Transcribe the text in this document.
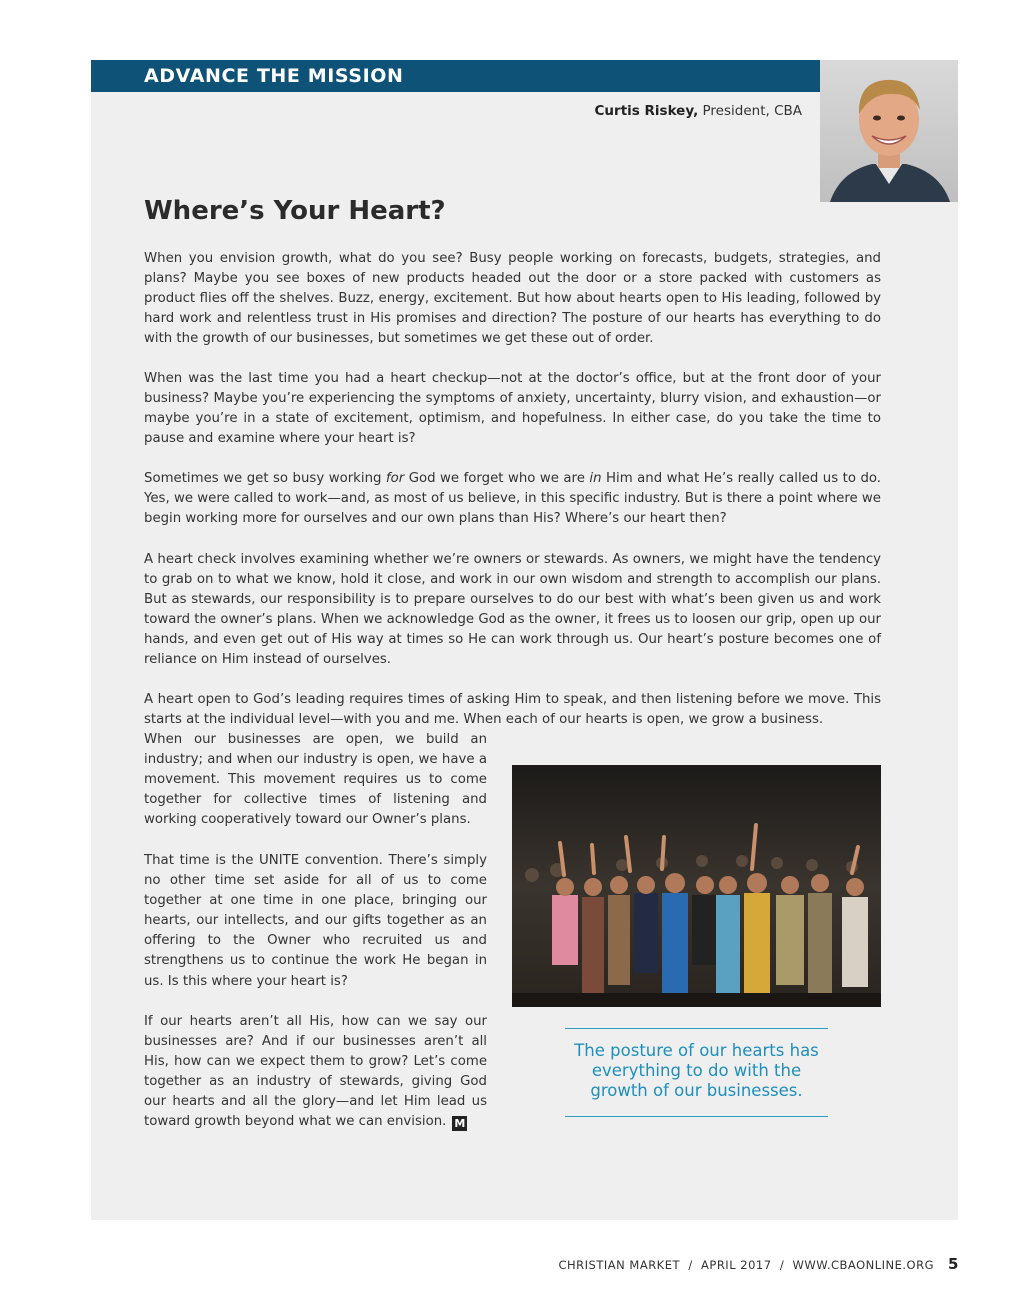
ADVANCE THE MISSION
Curtis Riskey, President, CBA
Where’s Your Heart?

When you envision growth, what do you see? Busy people working on forecasts, budgets, strategies, and plans? Maybe you see boxes of new products headed out the door or a store packed with customers as product flies off the shelves. Buzz, energy, excitement. But how about hearts open to His leading, followed by hard work and relentless trust in His promises and direction? The posture of our hearts has everything to do with the growth of our businesses, but sometimes we get these out of order.

When was the last time you had a heart checkup—not at the doctor’s office, but at the front door of your business? Maybe you’re experiencing the symptoms of anxiety, uncertainty, blurry vision, and exhaustion—or maybe you’re in a state of excitement, optimism, and hopefulness. In either case, do you take the time to pause and examine where your heart is?

Sometimes we get so busy working for God we forget who we are in Him and what He’s really called us to do. Yes, we were called to work—and, as most of us believe, in this specific industry. But is there a point where we begin working more for ourselves and our own plans than His? Where’s our heart then?

A heart check involves examining whether we’re owners or stewards. As owners, we might have the tendency to grab on to what we know, hold it close, and work in our own wisdom and strength to accomplish our plans. But as stewards, our responsibility is to prepare ourselves to do our best with what’s been given us and work toward the owner’s plans. When we acknowledge God as the owner, it frees us to loosen our grip, open up our hands, and even get out of His way at times so He can work through us. Our heart’s posture becomes one of reliance on Him instead of ourselves.

A heart open to God’s leading requires times of asking Him to speak, and then listening before we move. This starts at the individual level—with you and me. When each of our hearts is open, we grow a business.

When our businesses are open, we build an industry; and when our industry is open, we have a movement. This movement requires us to come together for collective times of listening and working cooperatively toward our Owner’s plans.

That time is the UNITE convention. There’s simply no other time set aside for all of us to come together at one time in one place, bringing our hearts, our intellects, and our gifts together as an offering to the Owner who recruited us and strengthens us to continue the work He began in us. Is this where your heart is?

If our hearts aren’t all His, how can we say our businesses are? And if our businesses aren’t all His, how can we expect them to grow? Let’s come together as an industry of stewards, giving God our hearts and all the glory—and let Him lead us toward growth beyond what we can envision. M

The posture of our hearts has everything to do with the growth of our businesses.

CHRISTIAN MARKET / APRIL 2017 / WWW.CBAONLINE.ORG 5
